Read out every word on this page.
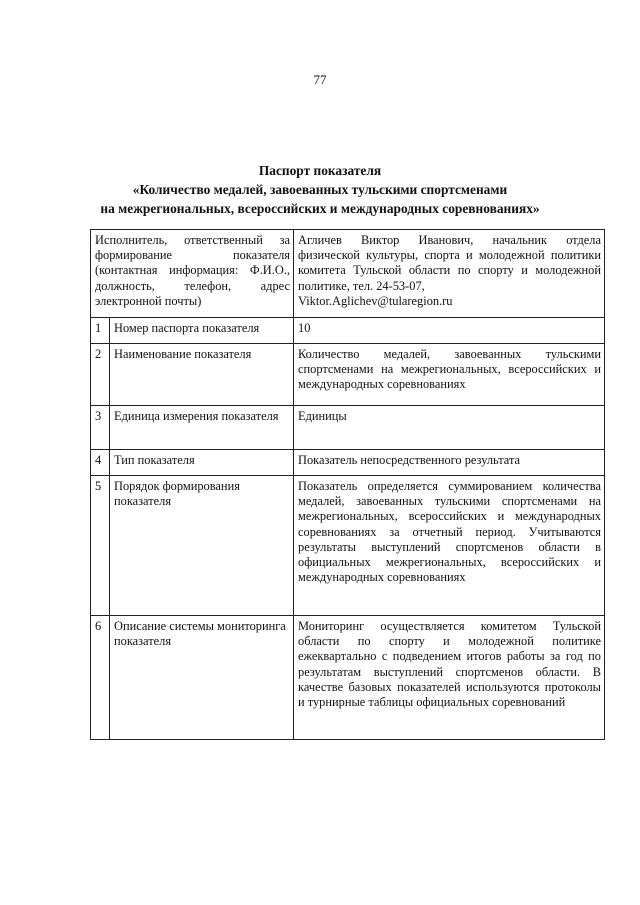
77
Паспорт показателя
«Количество медалей, завоеванных тульскими спортсменами
на межрегиональных, всероссийских и международных соревнованиях»
Исполнитель, ответственный за формирование показателя (контактная информация: Ф.И.О., должность, телефон, адрес электронной почты)		Агличев Виктор Иванович, начальник отдела физической культуры, спорта и молодежной политики комитета Тульской области по спорту и молодежной политике, тел. 24-53-07,
Viktor.Aglichev@tularegion.ru

1	Номер паспорта показателя	10
2	Наименование показателя	Количество медалей, завоеванных тульскими спортсменами на межрегиональных, всероссийских и международных соревнованиях
3	Единица измерения показателя	Единицы
4	Тип показателя	Показатель непосредственного результата
5	Порядок формирования показателя	Показатель определяется суммированием количества медалей, завоеванных тульскими спортсменами на межрегиональных, всероссийских и международных соревнованиях за отчетный период. Учитываются результаты выступлений спортсменов области в официальных межрегиональных, всероссийских и международных соревнованиях
6	Описание системы мониторинга показателя	Мониторинг осуществляется комитетом Тульской области по спорту и молодежной политике ежеквартально с подведением итогов работы за год по результатам выступлений спортсменов области. В качестве базовых показателей используются протоколы и турнирные таблицы официальных соревнований
